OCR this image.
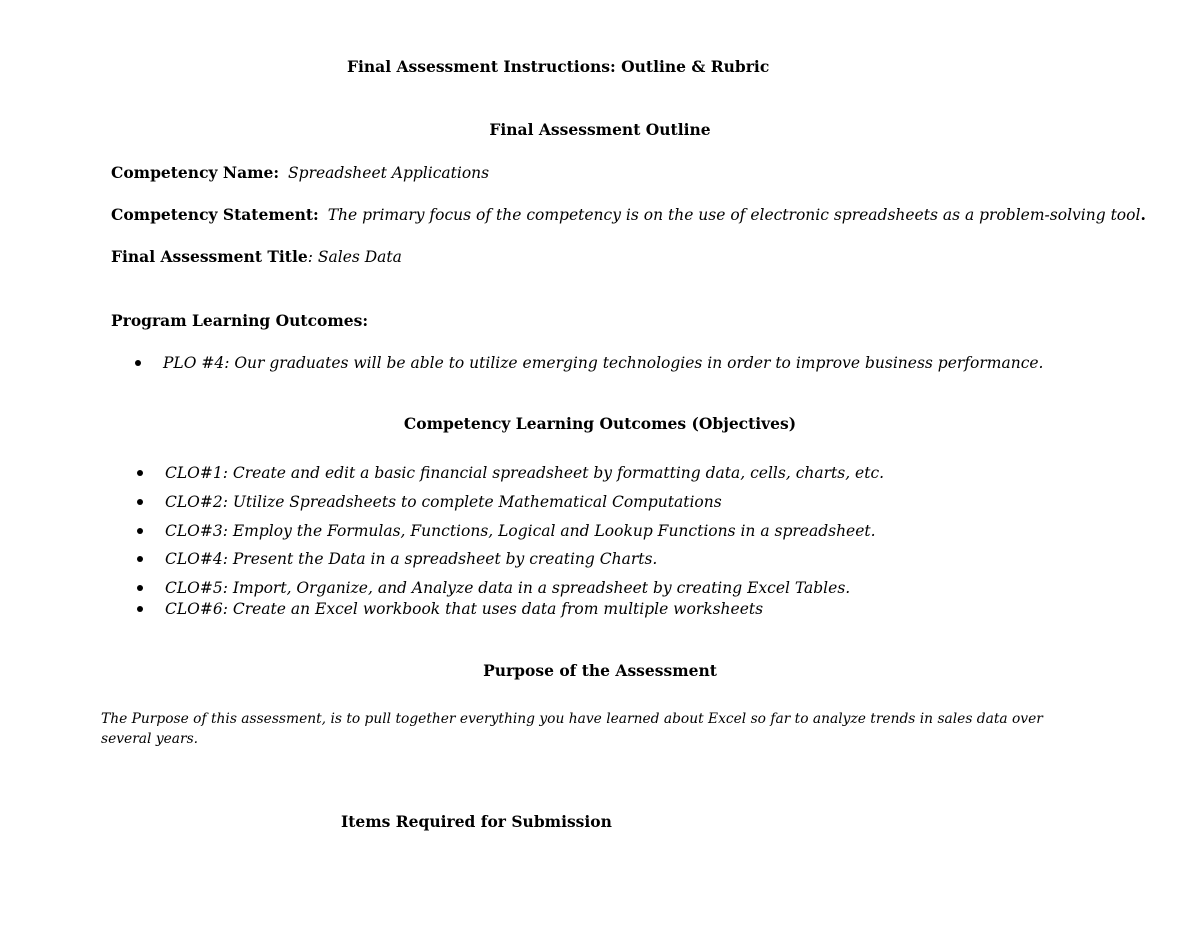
Final Assessment Instructions: Outline & Rubric
Final Assessment Outline
Competency Name: Spreadsheet Applications
Competency Statement: The primary focus of the competency is on the use of electronic spreadsheets as a problem-solving tool.
Final Assessment Title: Sales Data
Program Learning Outcomes:
PLO #4: Our graduates will be able to utilize emerging technologies in order to improve business performance.
Competency Learning Outcomes (Objectives)
CLO#1: Create and edit a basic financial spreadsheet by formatting data, cells, charts, etc.
CLO#2: Utilize Spreadsheets to complete Mathematical Computations
CLO#3: Employ the Formulas, Functions, Logical and Lookup Functions in a spreadsheet.
CLO#4: Present the Data in a spreadsheet by creating Charts.
CLO#5: Import, Organize, and Analyze data in a spreadsheet by creating Excel Tables.
CLO#6: Create an Excel workbook that uses data from multiple worksheets
Purpose of the Assessment
The Purpose of this assessment, is to pull together everything you have learned about Excel so far to analyze trends in sales data over several years.
Items Required for Submission
